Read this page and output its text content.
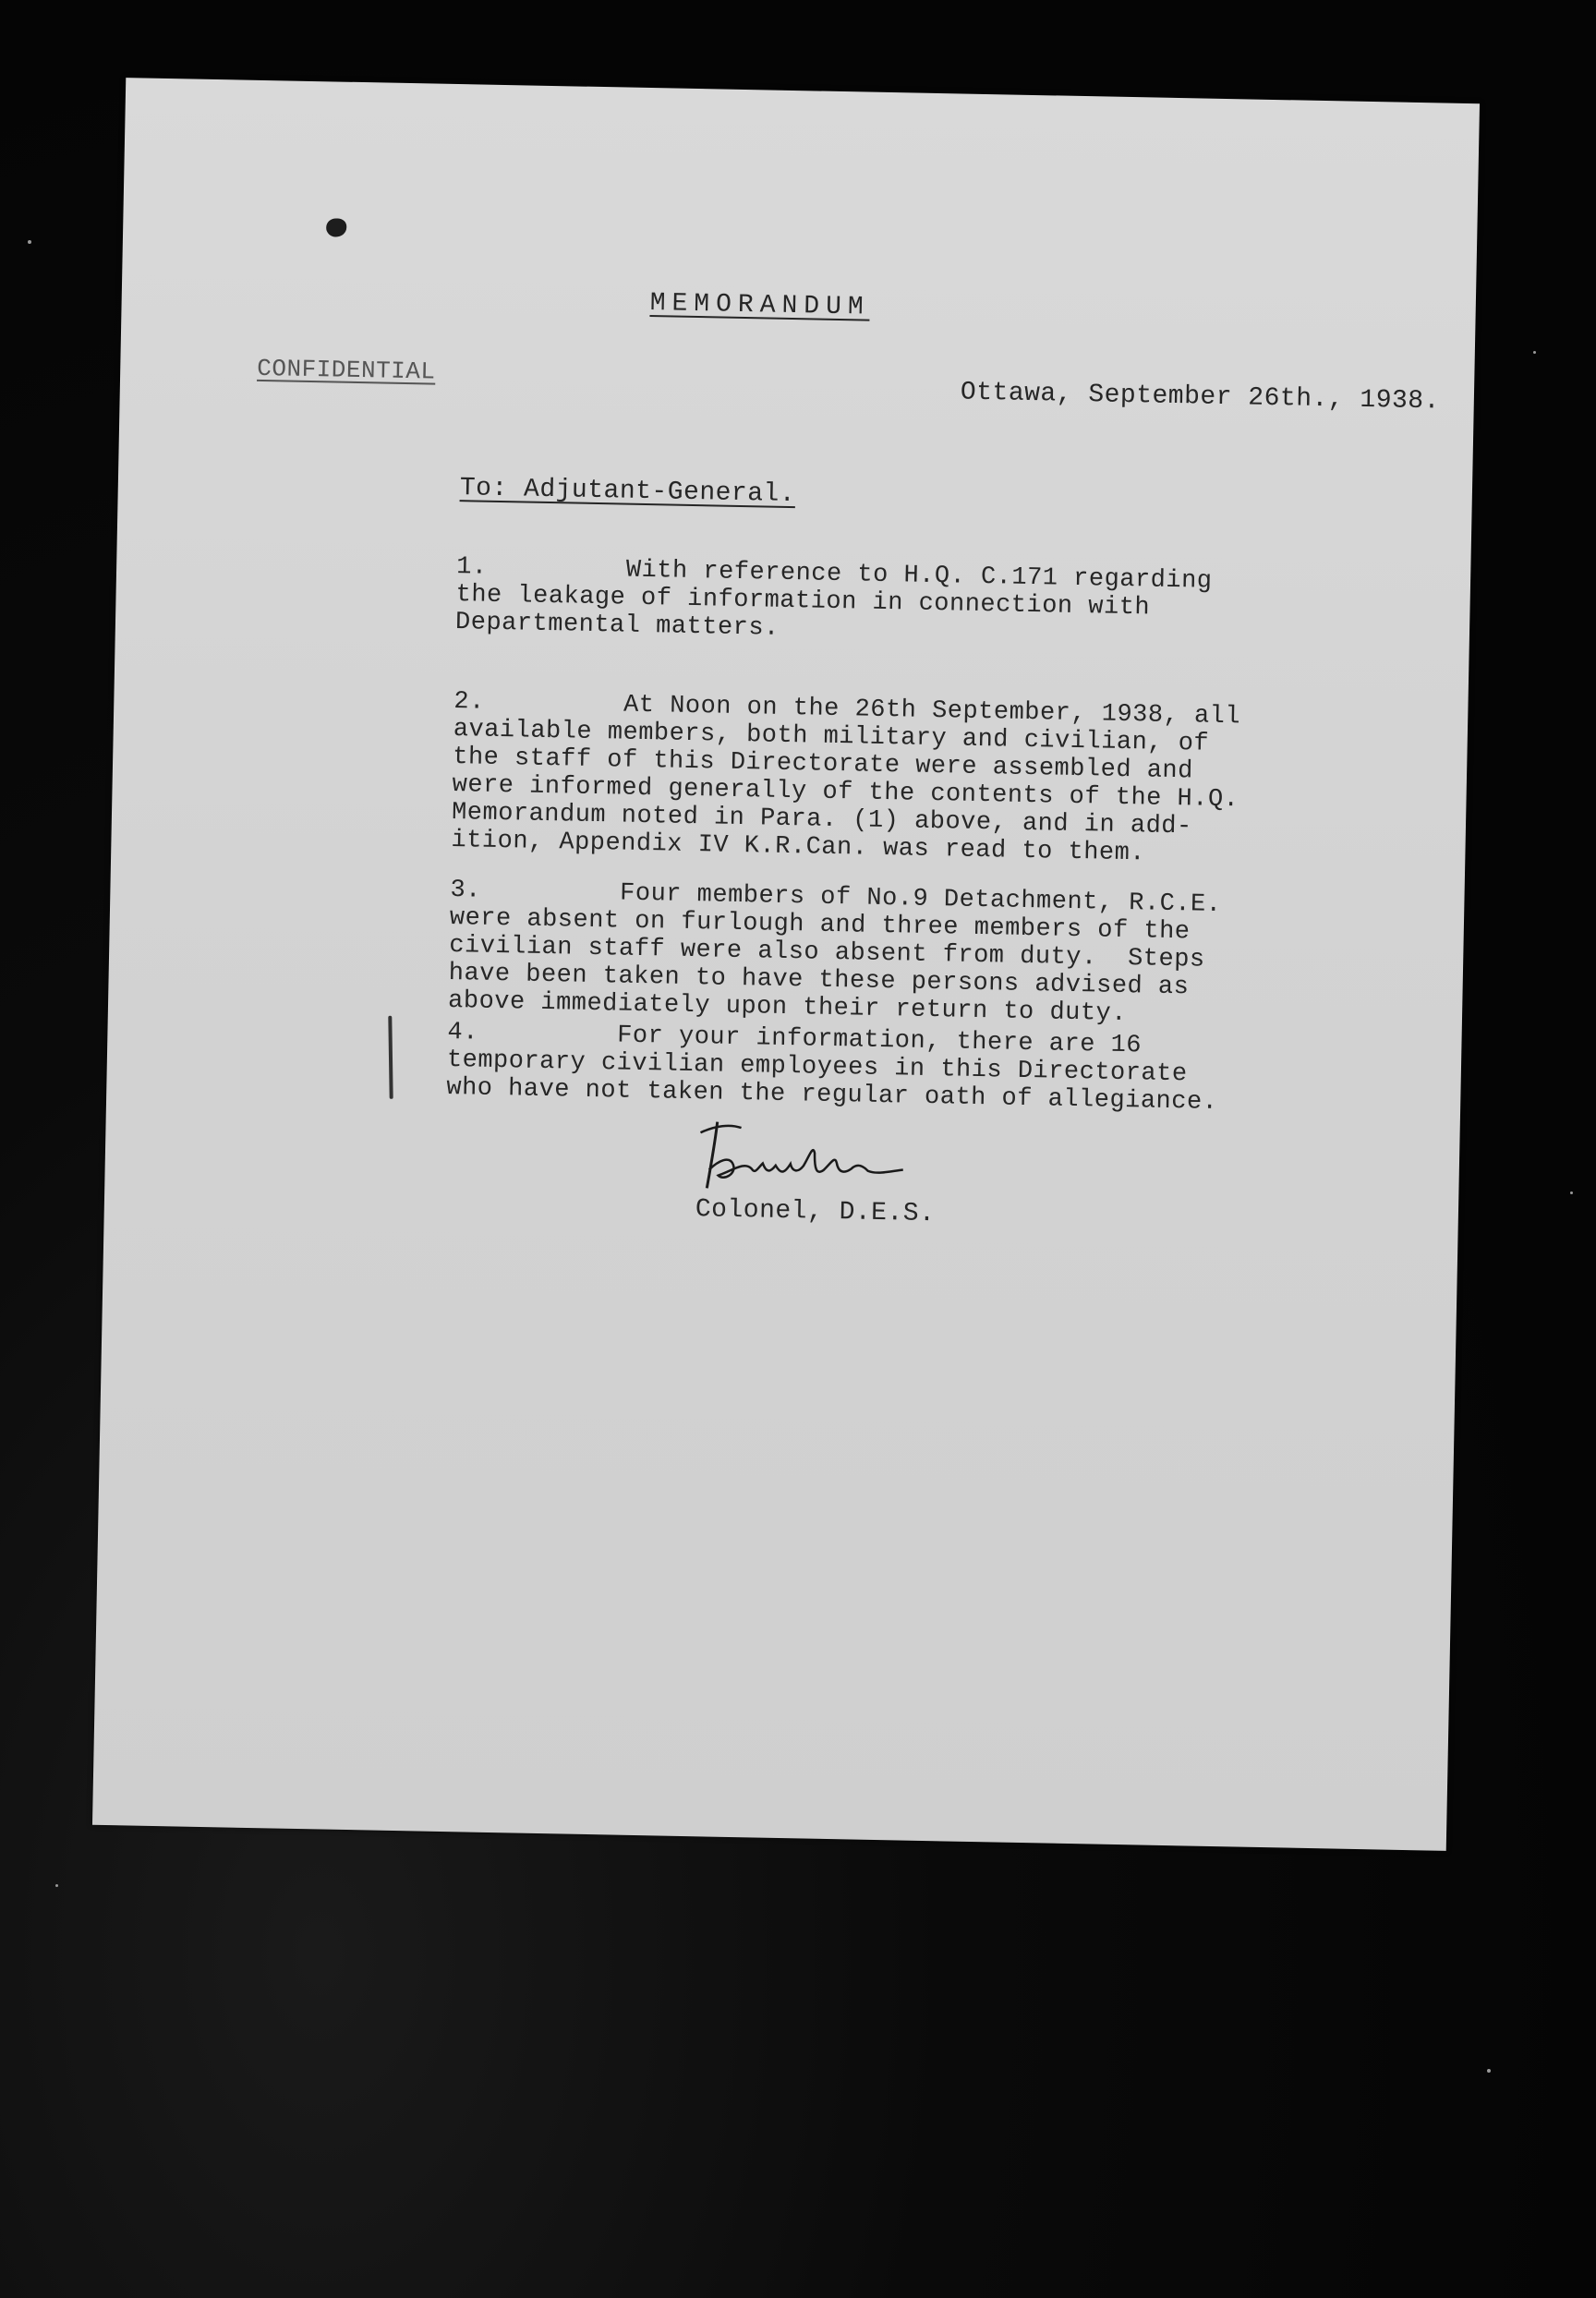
MEMORANDUM
CONFIDENTIAL
Ottawa, September 26th., 1938.
To: Adjutant-General.
1.         With reference to H.Q. C.171 regarding
the leakage of information in connection with
Departmental matters.
2.         At Noon on the 26th September, 1938, all
available members, both military and civilian, of
the staff of this Directorate were assembled and
were informed generally of the contents of the H.Q.
Memorandum noted in Para. (1) above, and in add-
ition, Appendix IV K.R.Can. was read to them.
3.         Four members of No.9 Detachment, R.C.E.
were absent on furlough and three members of the
civilian staff were also absent from duty.  Steps
have been taken to have these persons advised as
above immediately upon their return to duty.
4.         For your information, there are 16
temporary civilian employees in this Directorate
who have not taken the regular oath of allegiance.
Colonel, D.E.S.
